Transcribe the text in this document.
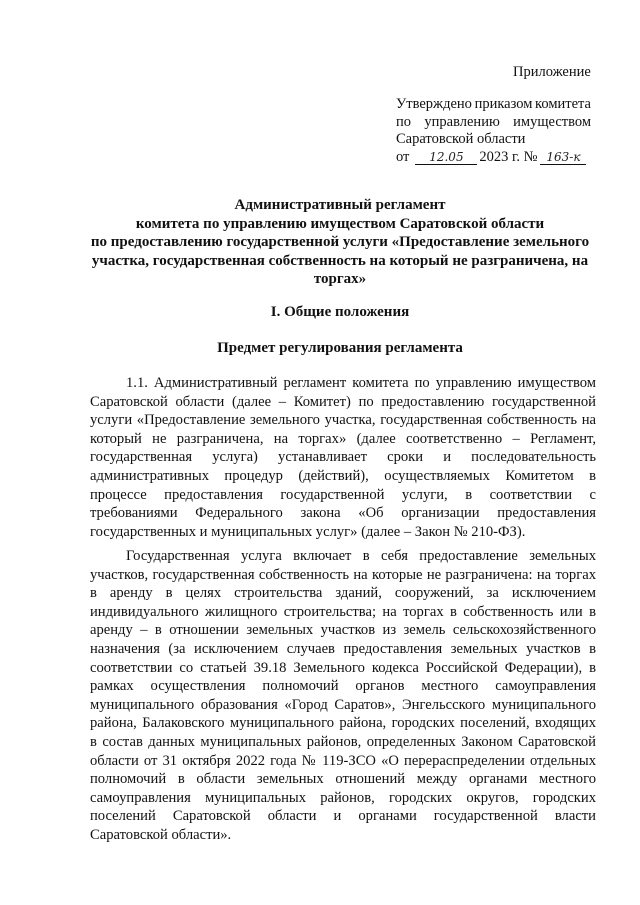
Приложение
Утверждено приказом комитета
по управлению имуществом
Саратовской области
от	12.05	2023 г. № 163-к
Административный регламент
комитета по управлению имуществом Саратовской области
по предоставлению государственной услуги «Предоставление земельного
участка, государственная собственность на который не разграничена, на
торгах»
I. Общие положения
Предмет регулирования регламента
1.1. Административный регламент комитета по управлению имуществом Саратовской области (далее – Комитет) по предоставлению государственной услуги «Предоставление земельного участка, государственная собственность на который не разграничена, на торгах» (далее соответственно – Регламент, государственная услуга) устанавливает сроки и последовательность административных процедур (действий), осуществляемых Комитетом в процессе предоставления государственной услуги, в соответствии с требованиями Федерального закона «Об организации предоставления государственных и муниципальных услуг» (далее – Закон № 210-ФЗ).
Государственная услуга включает в себя предоставление земельных участков, государственная собственность на которые не разграничена: на торгах в аренду в целях строительства зданий, сооружений, за исключением индивидуального жилищного строительства; на торгах в собственность или в аренду – в отношении земельных участков из земель сельскохозяйственного назначения (за исключением случаев предоставления земельных участков в соответствии со статьей 39.18 Земельного кодекса Российской Федерации), в рамках осуществления полномочий органов местного самоуправления муниципального образования «Город Саратов», Энгельсского муниципального района, Балаковского муниципального района, городских поселений, входящих в состав данных муниципальных районов, определенных Законом Саратовской области от 31 октября 2022 года № 119-ЗСО «О перераспределении отдельных полномочий в области земельных отношений между органами местного самоуправления муниципальных районов, городских округов, городских поселений Саратовской области и органами государственной власти Саратовской области».
